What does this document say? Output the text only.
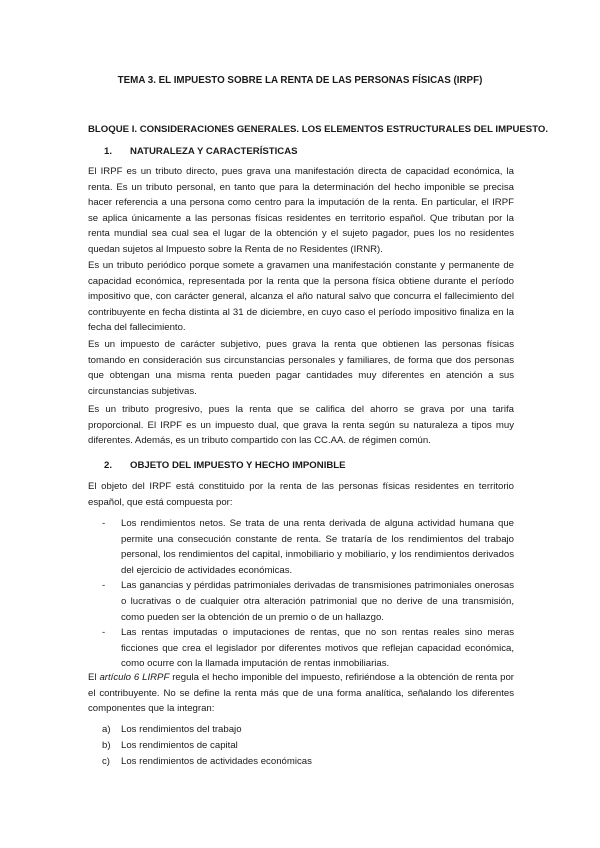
TEMA 3. EL IMPUESTO SOBRE LA RENTA DE LAS PERSONAS FÍSICAS (IRPF)
BLOQUE I. CONSIDERACIONES GENERALES. LOS ELEMENTOS ESTRUCTURALES DEL IMPUESTO.
1. NATURALEZA Y CARACTERÍSTICAS

El IRPF es un tributo directo, pues grava una manifestación directa de capacidad económica, la renta. Es un tributo personal, en tanto que para la determinación del hecho imponible se precisa hacer referencia a una persona como centro para la imputación de la renta. En particular, el IRPF se aplica únicamente a las personas físicas residentes en territorio español. Que tributan por la renta mundial sea cual sea el lugar de la obtención y el sujeto pagador, pues los no residentes quedan sujetos al Impuesto sobre la Renta de no Residentes (IRNR).

Es un tributo periódico porque somete a gravamen una manifestación constante y permanente de capacidad económica, representada por la renta que la persona física obtiene durante el período impositivo que, con carácter general, alcanza el año natural salvo que concurra el fallecimiento del contribuyente en fecha distinta al 31 de diciembre, en cuyo caso el período impositivo finaliza en la fecha del fallecimiento.

Es un impuesto de carácter subjetivo, pues grava la renta que obtienen las personas físicas tomando en consideración sus circunstancias personales y familiares, de forma que dos personas que obtengan una misma renta pueden pagar cantidades muy diferentes en atención a sus circunstancias subjetivas.

Es un tributo progresivo, pues la renta que se califica del ahorro se grava por una tarifa proporcional. El IRPF es un impuesto dual, que grava la renta según su naturaleza a tipos muy diferentes. Además, es un tributo compartido con las CC.AA. de régimen común.

2. OBJETO DEL IMPUESTO Y HECHO IMPONIBLE

El objeto del IRPF está constituido por la renta de las personas físicas residentes en territorio español, que está compuesta por:

- Los rendimientos netos. Se trata de una renta derivada de alguna actividad humana que permite una consecución constante de renta. Se trataría de los rendimientos del trabajo personal, los rendimientos del capital, inmobiliario y mobiliario, y los rendimientos derivados del ejercicio de actividades económicas.
- Las ganancias y pérdidas patrimoniales derivadas de transmisiones patrimoniales onerosas o lucrativas o de cualquier otra alteración patrimonial que no derive de una transmisión, como pueden ser la obtención de un premio o de un hallazgo.
- Las rentas imputadas o imputaciones de rentas, que no son rentas reales sino meras ficciones que crea el legislador por diferentes motivos que reflejan capacidad económica, como ocurre con la llamada imputación de rentas inmobiliarias.

El artículo 6 LIRPF regula el hecho imponible del impuesto, refiriéndose a la obtención de renta por el contribuyente. No se define la renta más que de una forma analítica, señalando los diferentes componentes que la integran:

a) Los rendimientos del trabajo
b) Los rendimientos de capital
c) Los rendimientos de actividades económicas
